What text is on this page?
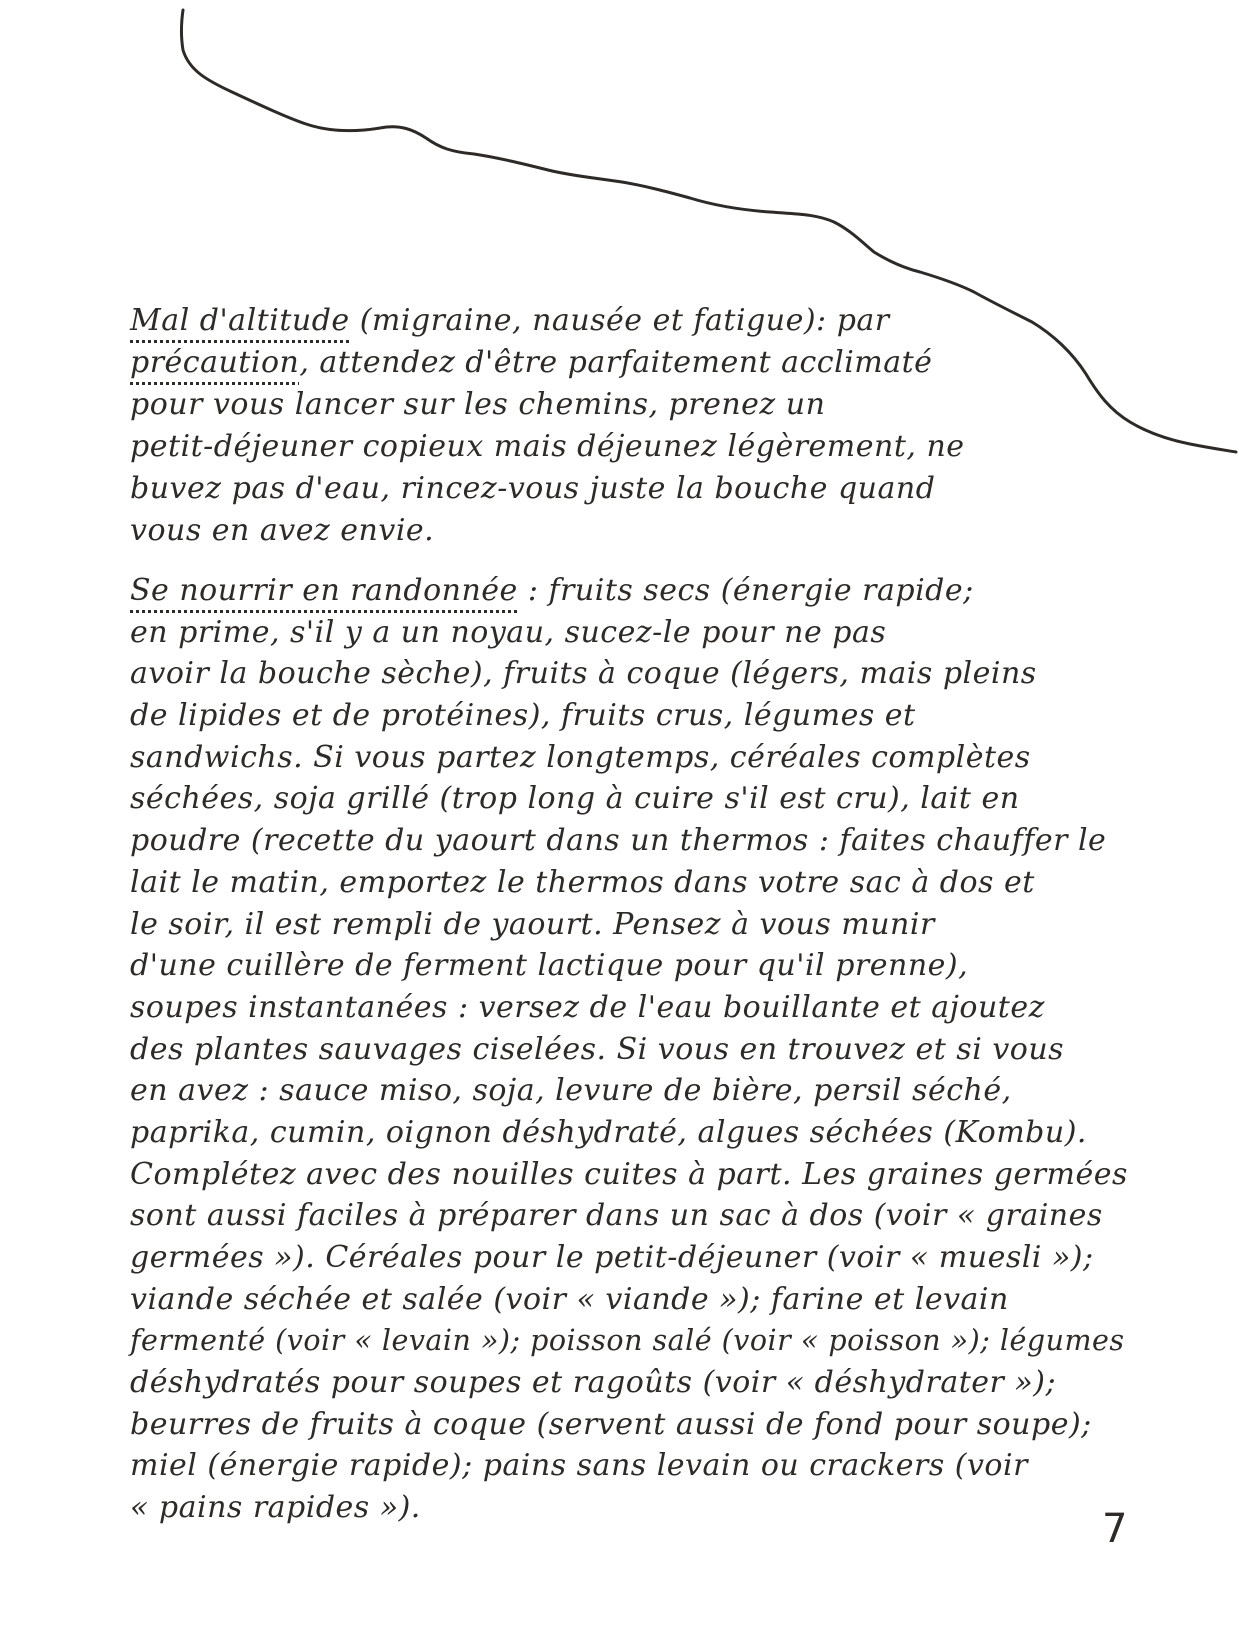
Mal d'altitude (migraine, nausée et fatigue): par
précaution, attendez d'être parfaitement acclimaté
pour vous lancer sur les chemins, prenez un
petit-déjeuner copieux mais déjeunez légèrement, ne
buvez pas d'eau, rincez-vous juste la bouche quand
vous en avez envie.
Se nourrir en randonnée : fruits secs (énergie rapide;
en prime, s'il y a un noyau, sucez-le pour ne pas
avoir la bouche sèche), fruits à coque (légers, mais pleins
de lipides et de protéines), fruits crus, légumes et
sandwichs. Si vous partez longtemps, céréales complètes
séchées, soja grillé (trop long à cuire s'il est cru), lait en
poudre (recette du yaourt dans un thermos : faites chauffer le
lait le matin, emportez le thermos dans votre sac à dos et
le soir, il est rempli de yaourt. Pensez à vous munir
d'une cuillère de ferment lactique pour qu'il prenne),
soupes instantanées : versez de l'eau bouillante et ajoutez
des plantes sauvages ciselées. Si vous en trouvez et si vous
en avez : sauce miso, soja, levure de bière, persil séché,
paprika, cumin, oignon déshydraté, algues séchées (Kombu).
Complétez avec des nouilles cuites à part. Les graines germées
sont aussi faciles à préparer dans un sac à dos (voir « graines
germées »). Céréales pour le petit-déjeuner (voir « muesli »);
viande séchée et salée (voir « viande »); farine et levain
fermenté (voir « levain »); poisson salé (voir « poisson »); légumes
déshydratés pour soupes et ragoûts (voir « déshydrater »);
beurres de fruits à coque (servent aussi de fond pour soupe);
miel (énergie rapide); pains sans levain ou crackers (voir
« pains rapides »).	7
